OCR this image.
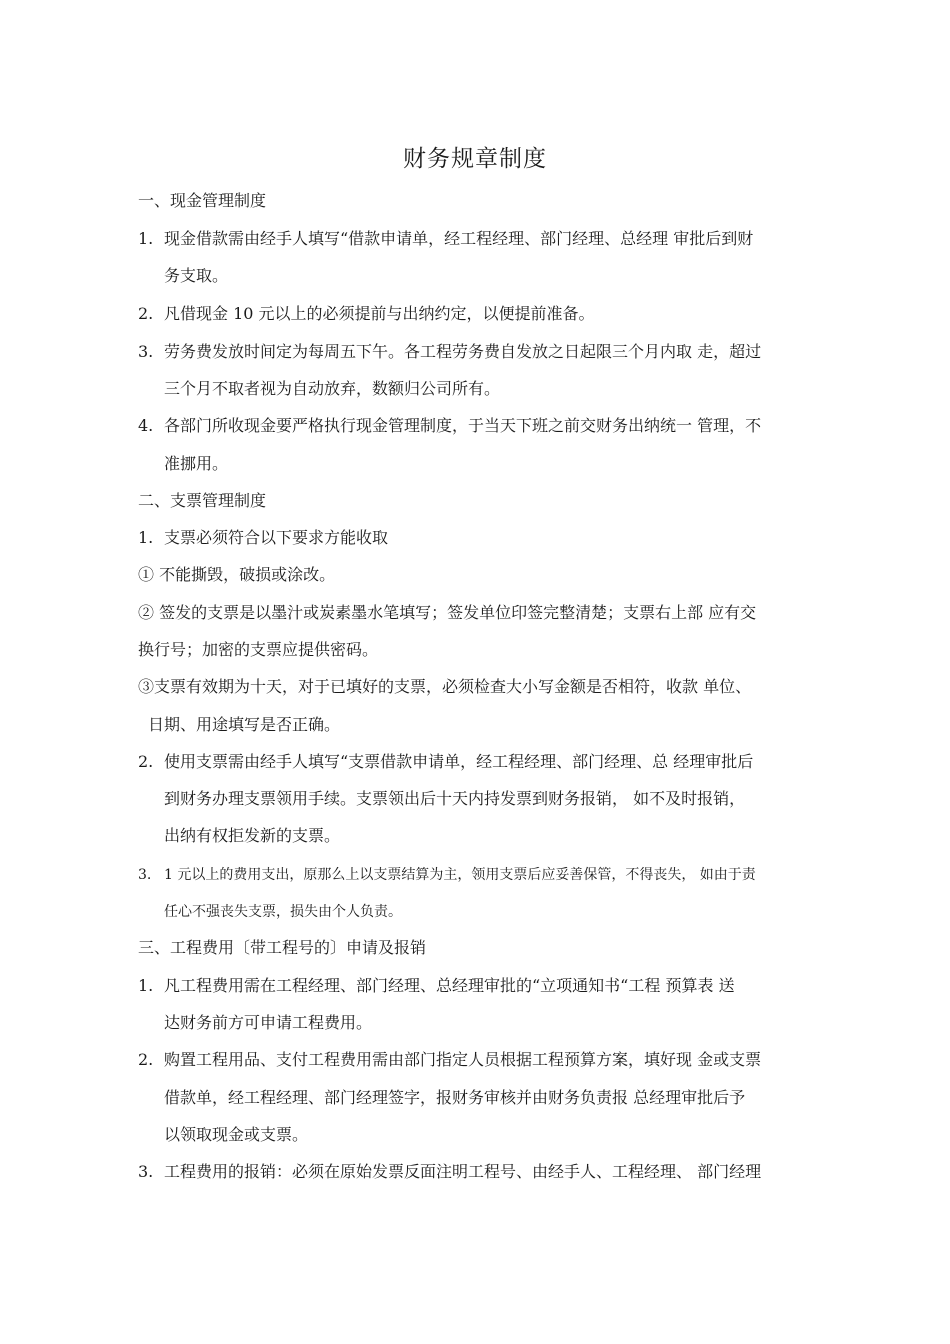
财务规章制度
一、现金管理制度
1. 现金借款需由经手人填写“借款申请单，经工程经理、部门经理、总经理 审批后到财
务支取。
2. 凡借现金 10 元以上的必须提前与出纳约定，以便提前准备。
3. 劳务费发放时间定为每周五下午。各工程劳务费自发放之日起限三个月内取 走，超过
三个月不取者视为自动放弃，数额归公司所有。
4. 各部门所收现金要严格执行现金管理制度，于当天下班之前交财务出纳统一 管理，不
准挪用。
二、支票管理制度
1. 支票必须符合以下要求方能收取
① 不能撕毁，破损或涂改。
② 签发的支票是以墨汁或炭素墨水笔填写；签发单位印签完整清楚；支票右上部 应有交
换行号；加密的支票应提供密码。
③支票有效期为十天，对于已填好的支票，必须检查大小写金额是否相符，收款 单位、
日期、用途填写是否正确。
2. 使用支票需由经手人填写“支票借款申请单，经工程经理、部门经理、总 经理审批后
到财务办理支票领用手续。支票领出后十天内持发票到财务报销， 如不及时报销，
出纳有权拒发新的支票。
3. 1 元以上的费用支出，原那么上以支票结算为主，领用支票后应妥善保管，不得丧失， 如由于责
任心不强丧失支票，损失由个人负责。
三、工程费用〔带工程号的〕申请及报销
1. 凡工程费用需在工程经理、部门经理、总经理审批的“立项通知书“工程 预算表 送
达财务前方可申请工程费用。
2. 购置工程用品、支付工程费用需由部门指定人员根据工程预算方案，填好现 金或支票
借款单，经工程经理、部门经理签字，报财务审核并由财务负责报 总经理审批后予
以领取现金或支票。
3. 工程费用的报销：必须在原始发票反面注明工程号、由经手人、工程经理、 部门经理
